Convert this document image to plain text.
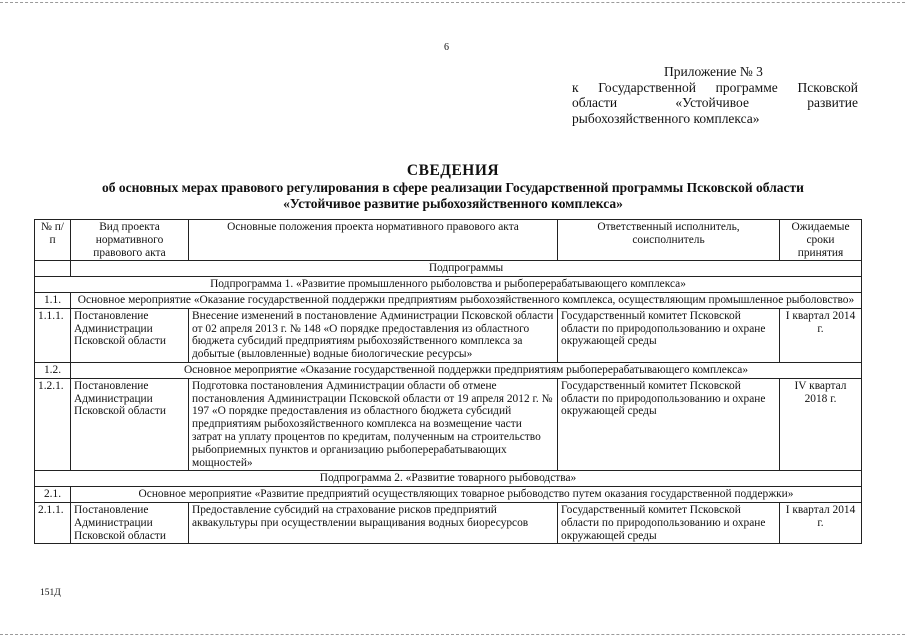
6
Приложение № 3
к Государственной программе Псковской
области «Устойчивое развитие
рыбохозяйственного комплекса»
СВЕДЕНИЯ
об основных мерах правового регулирования в сфере реализации Государственной программы Псковской области
«Устойчивое развитие рыбохозяйственного комплекса»
№ п/п	Вид проекта нормативного правового акта	Основные положения проекта нормативного правового акта	Ответственный исполнитель, соисполнитель	Ожидаемые сроки принятия
	Подпрограммы			
Подпрограмма 1. «Развитие промышленного рыболовства и рыбоперерабатывающего комплекса»				
1.1.	Основное мероприятие «Оказание государственной поддержки предприятиям рыбохозяйственного комплекса, осуществляющим промышленное рыболовство»			
1.1.1.	Постановление Администрации Псковской области	Внесение изменений в постановление Администрации Псковской области от 02 апреля 2013 г. № 148 «О порядке предоставления из областного бюджета субсидий предприятиям рыбохозяйственного комплекса за добытые (выловленные) водные биологические ресурсы»	Государственный комитет Псковской области по природопользованию и охране окружающей среды	I квартал 2014 г.
1.2.	Основное мероприятие «Оказание государственной поддержки предприятиям рыбоперерабатывающего комплекса»			
1.2.1.	Постановление Администрации Псковской области	Подготовка постановления Администрации области об отмене постановления Администрации Псковской области от 19 апреля 2012 г. № 197 «О порядке предоставления из областного бюджета субсидий предприятиям рыбохозяйственного комплекса на возмещение части затрат на уплату процентов по кредитам, полученным на строительство рыбоприемных пунктов и организацию рыбоперерабатывающих мощностей»	Государственный комитет Псковской области по природопользованию и охране окружающей среды	IV квартал 2018 г.
Подпрограмма 2. «Развитие товарного рыбоводства»				
2.1.	Основное мероприятие «Развитие предприятий осуществляющих товарное рыбоводство путем оказания государственной поддержки»			
2.1.1.	Постановление Администрации Псковской области	Предоставление субсидий на страхование рисков предприятий аквакультуры при осуществлении выращивания водных биоресурсов	Государственный комитет Псковской области по природопользованию и охране окружающей среды	I квартал 2014 г.
151Д
